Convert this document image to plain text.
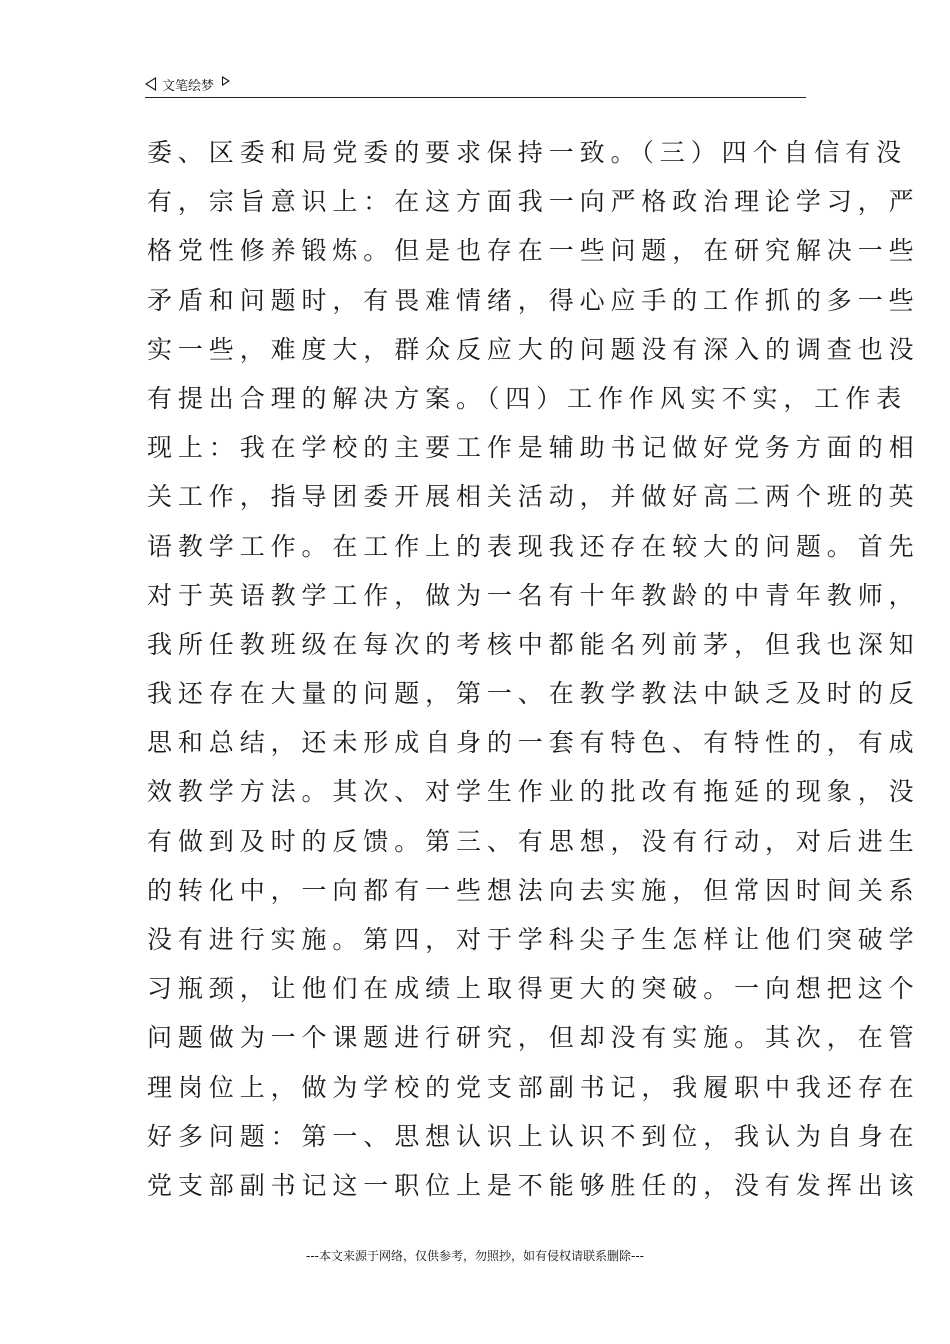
文笔绘梦
委、区委和局党委的要求保持一致。（三）四个自信有没
有，宗旨意识上：在这方面我一向严格政治理论学习，严
格党性修养锻炼。但是也存在一些问题，在研究解决一些
矛盾和问题时，有畏难情绪，得心应手的工作抓的多一些
实一些，难度大，群众反应大的问题没有深入的调查也没
有提出合理的解决方案。（四）工作作风实不实，工作表
现上：我在学校的主要工作是辅助书记做好党务方面的相
关工作，指导团委开展相关活动，并做好高二两个班的英
语教学工作。在工作上的表现我还存在较大的问题。首先
对于英语教学工作，做为一名有十年教龄的中青年教师，
我所任教班级在每次的考核中都能名列前茅，但我也深知
我还存在大量的问题，第一、在教学教法中缺乏及时的反
思和总结，还未形成自身的一套有特色、有特性的，有成
效教学方法。其次、对学生作业的批改有拖延的现象，没
有做到及时的反馈。第三、有思想，没有行动，对后进生
的转化中，一向都有一些想法向去实施，但常因时间关系
没有进行实施。第四，对于学科尖子生怎样让他们突破学
习瓶颈，让他们在成绩上取得更大的突破。一向想把这个
问题做为一个课题进行研究，但却没有实施。其次，在管
理岗位上，做为学校的党支部副书记，我履职中我还存在
好多问题：第一、思想认识上认识不到位，我认为自身在
党支部副书记这一职位上是不能够胜任的，没有发挥出该
---本文来源于网络，仅供参考，勿照抄，如有侵权请联系删除---
